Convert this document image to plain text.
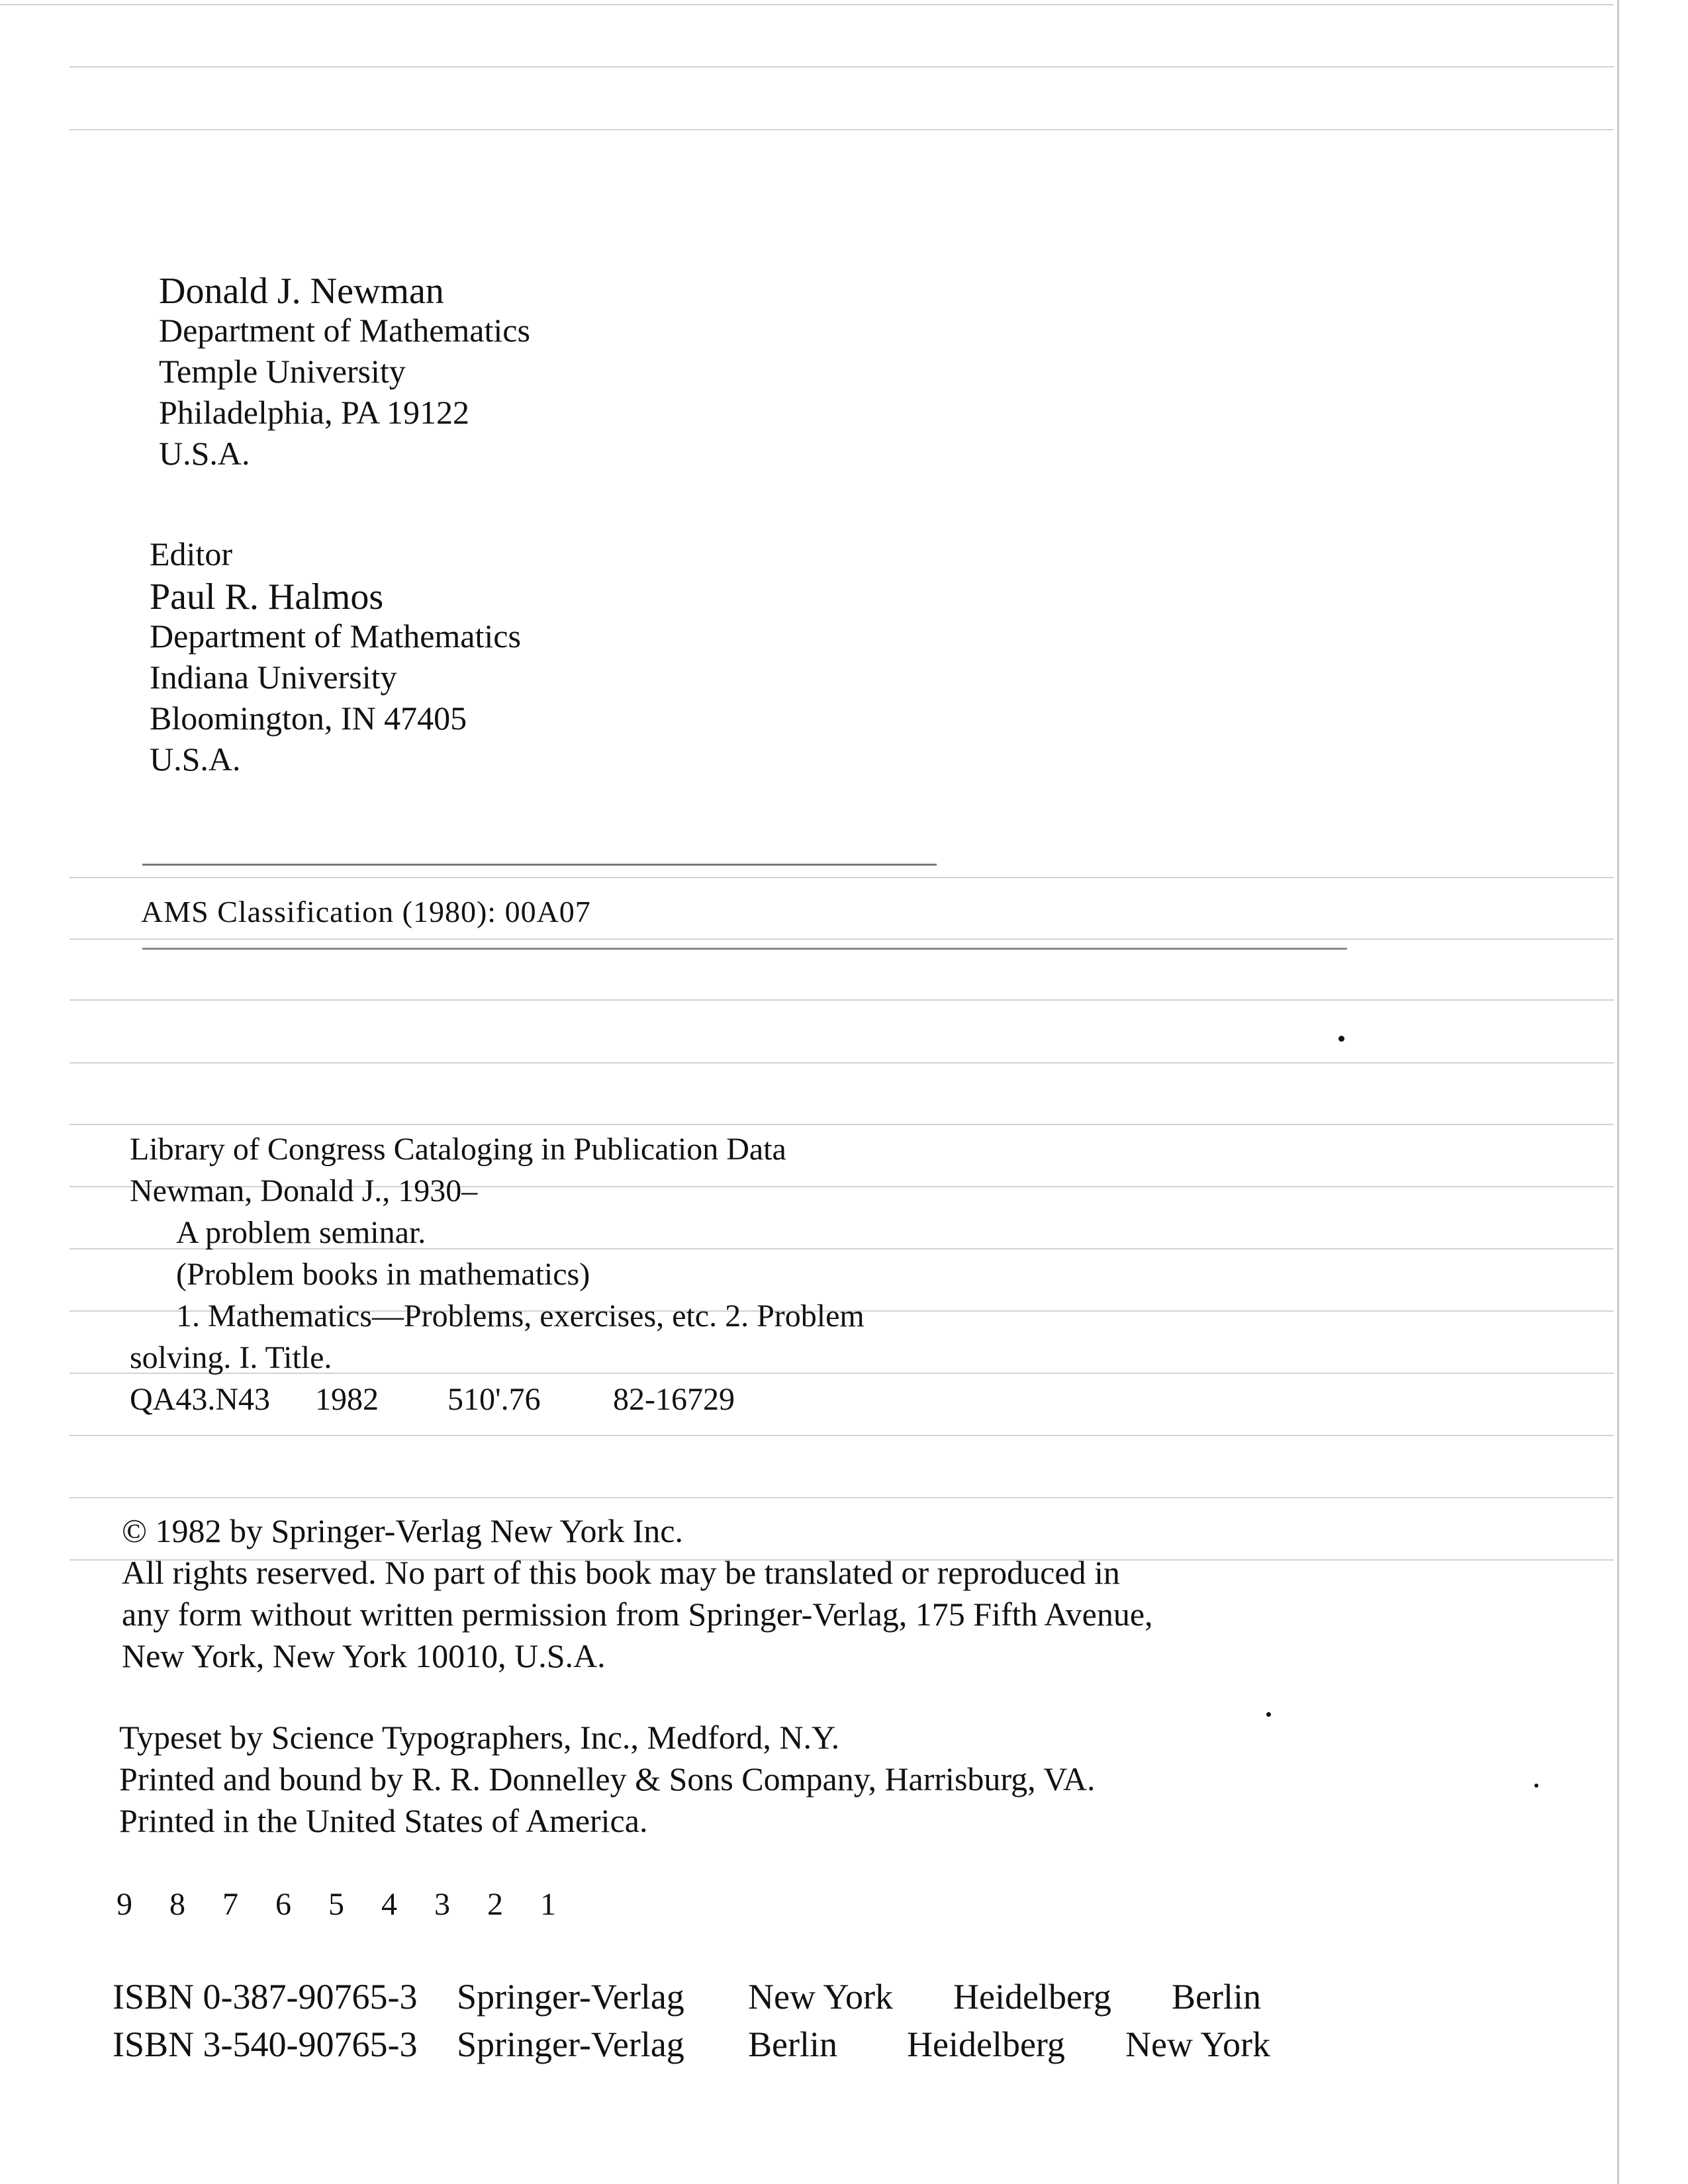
Donald J. Newman
Department of Mathematics
Temple University
Philadelphia, PA 19122
U.S.A.
Editor
Paul R. Halmos
Department of Mathematics
Indiana University
Bloomington, IN 47405
U.S.A.
AMS Classification (1980): 00A07
Library of Congress Cataloging in Publication Data
Newman, Donald J., 1930–
A problem seminar.
(Problem books in mathematics)
1. Mathematics—Problems, exercises, etc. 2. Problem
solving. I. Title.
QA43.N43 1982 510'.76 82-16729
© 1982 by Springer-Verlag New York Inc.
All rights reserved. No part of this book may be translated or reproduced in
any form without written permission from Springer-Verlag, 175 Fifth Avenue,
New York, New York 10010, U.S.A.
Typeset by Science Typographers, Inc., Medford, N.Y.
Printed and bound by R. R. Donnelley & Sons Company, Harrisburg, VA.
Printed in the United States of America.
9 8 7 6 5 4 3 2 1
ISBN 0-387-90765-3 Springer-Verlag New York Heidelberg Berlin ISBN 3-540-90765-3 Springer-Verlag Berlin Heidelberg New York
